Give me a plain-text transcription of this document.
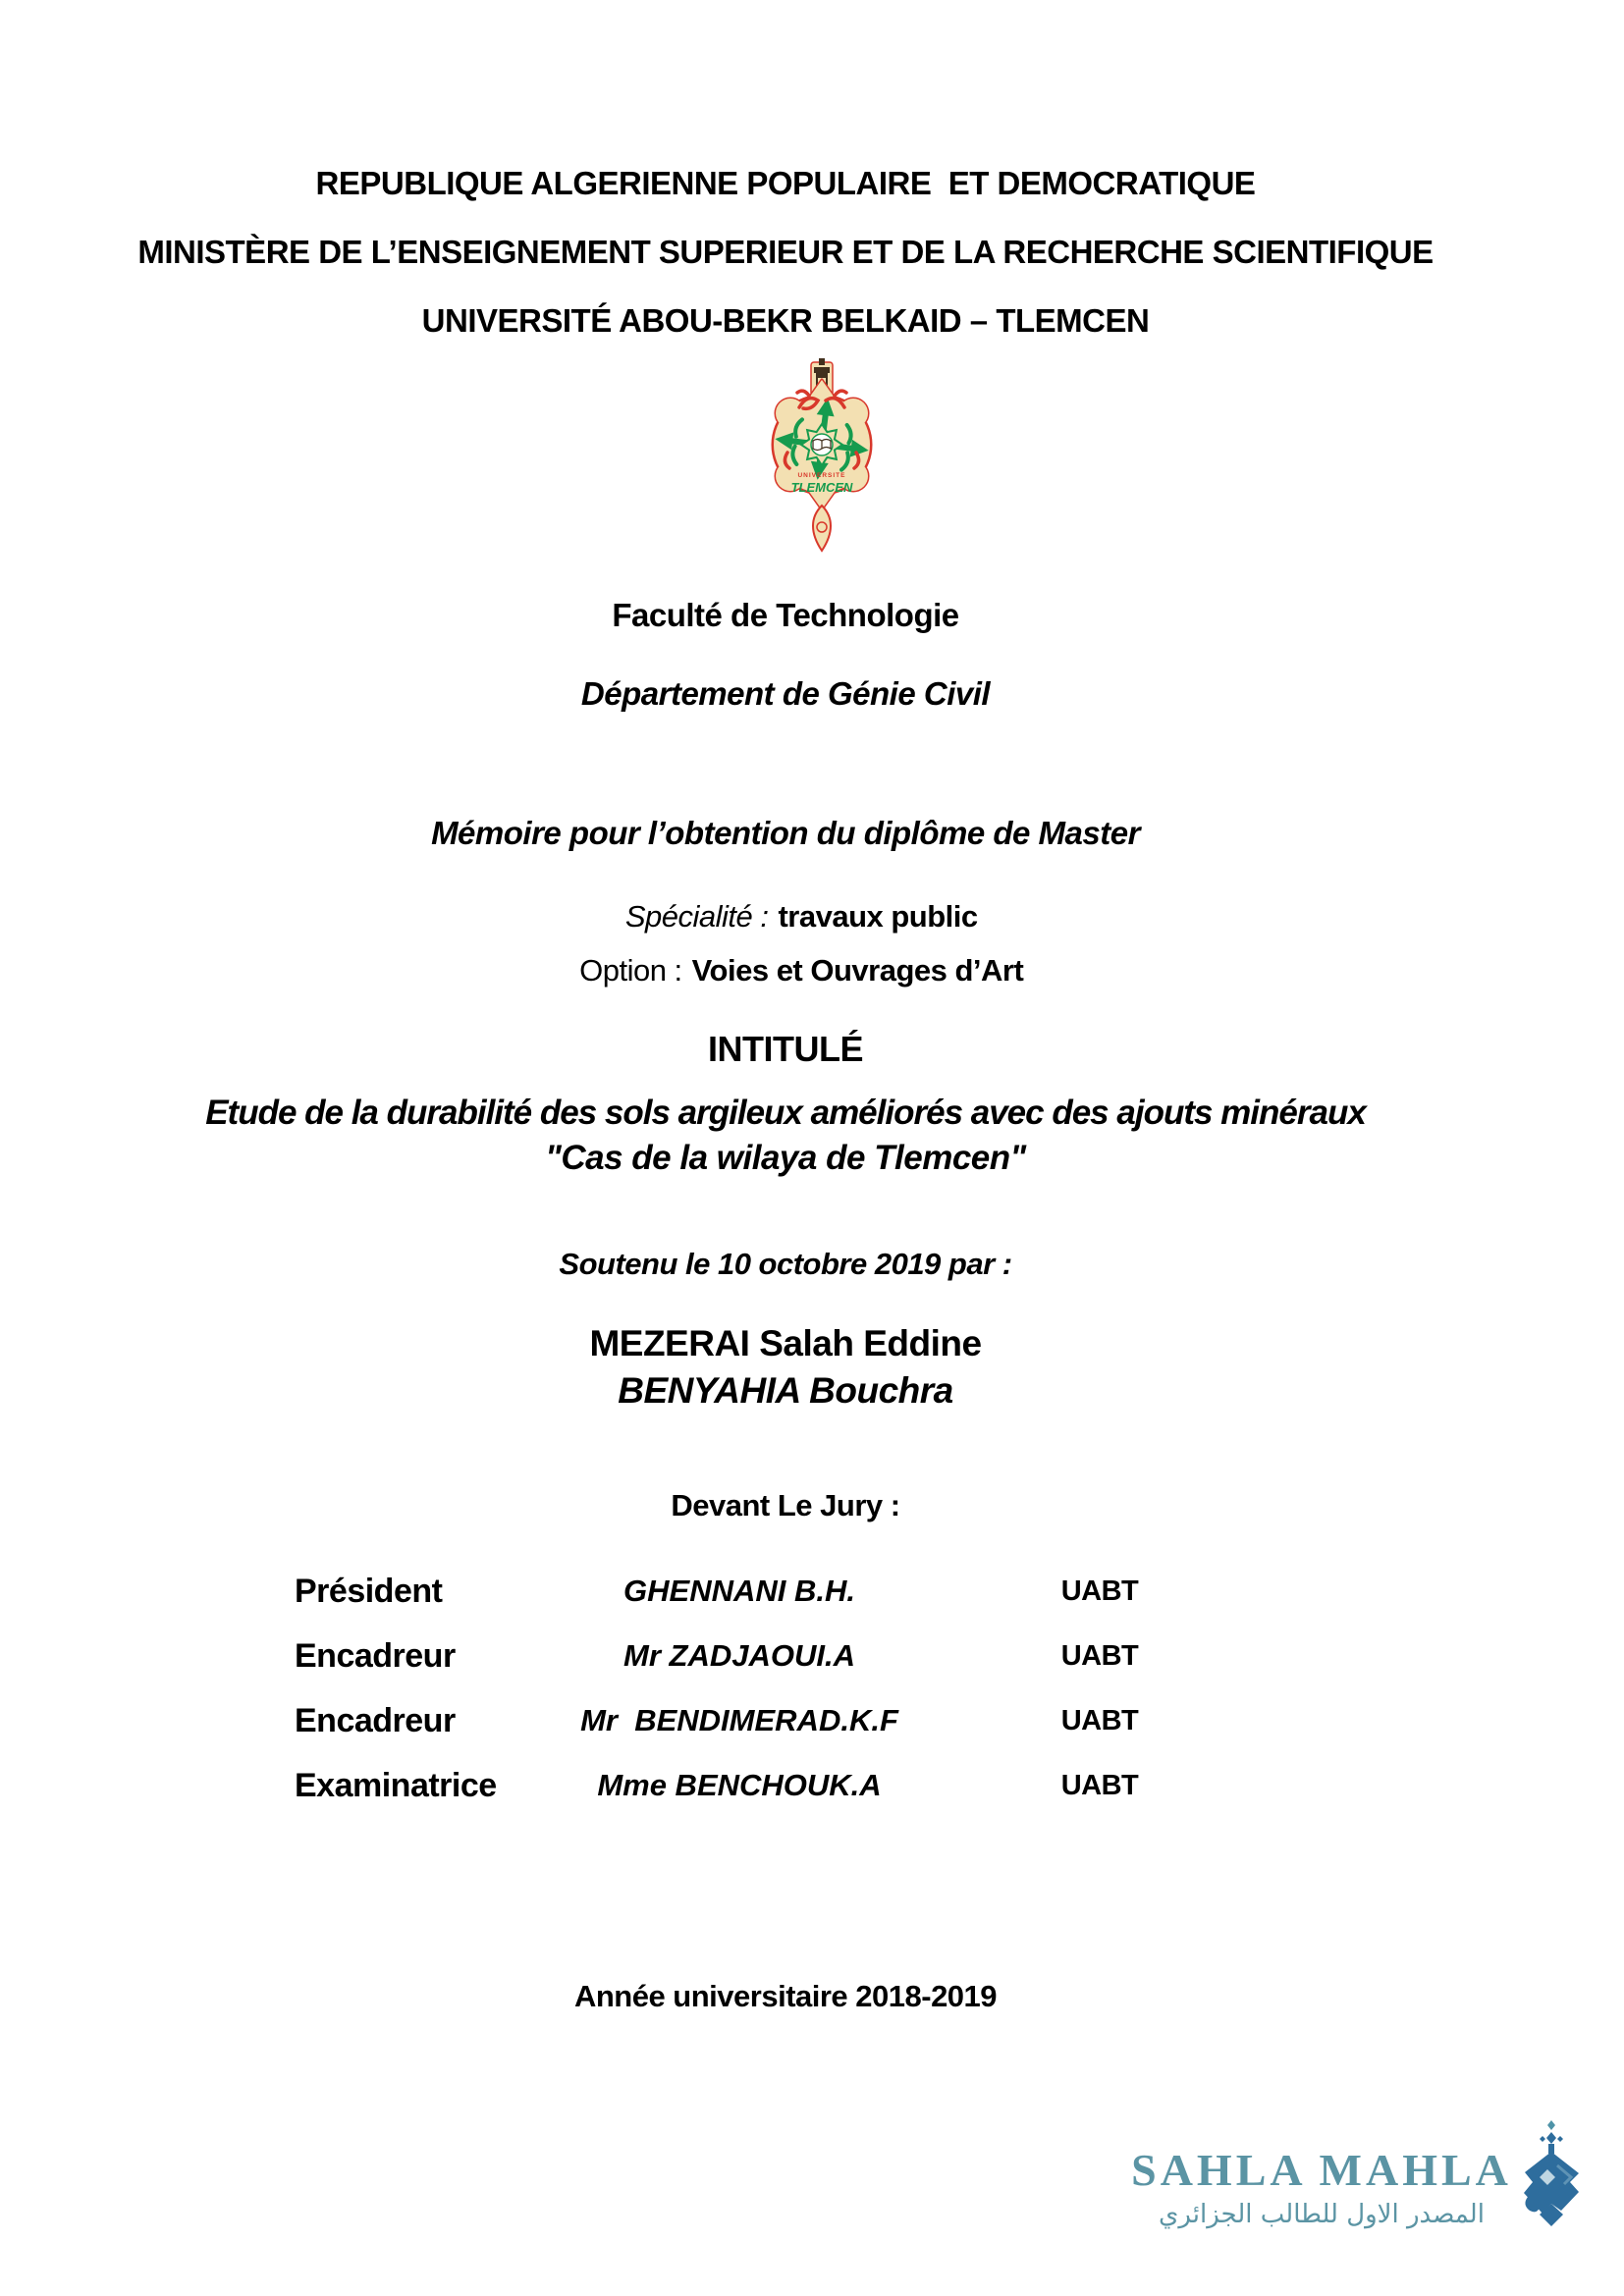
REPUBLIQUE ALGERIENNE POPULAIRE  ET DEMOCRATIQUE
MINISTÈRE DE L’ENSEIGNEMENT SUPERIEUR ET DE LA RECHERCHE SCIENTIFIQUE
UNIVERSITÉ ABOU-BEKR BELKAID – TLEMCEN
UNIVERSITE
TLEMCEN
Faculté de Technologie
Département de Génie Civil
Mémoire pour l’obtention du diplôme de Master

Spécialité : travaux public

Option : Voies et Ouvrages d’Art

INTITULÉ
Etude de la durabilité des sols argileux améliorés avec des ajouts minéraux
"Cas de la wilaya de Tlemcen"
Soutenu le 10 octobre 2019 par :
MEZERAI Salah Eddine
BENYAHIA Bouchra
Devant Le Jury :
Président	GHENNANI B.H.	UABT
Encadreur	Mr ZADJAOUI.A	UABT
Encadreur	Mr  BENDIMERAD.K.F	UABT
Examinatrice	Mme BENCHOUK.A	UABT
Année universitaire 2018-2019
SAHLA MAHLA
المصدر الاول للطالب الجزائري
